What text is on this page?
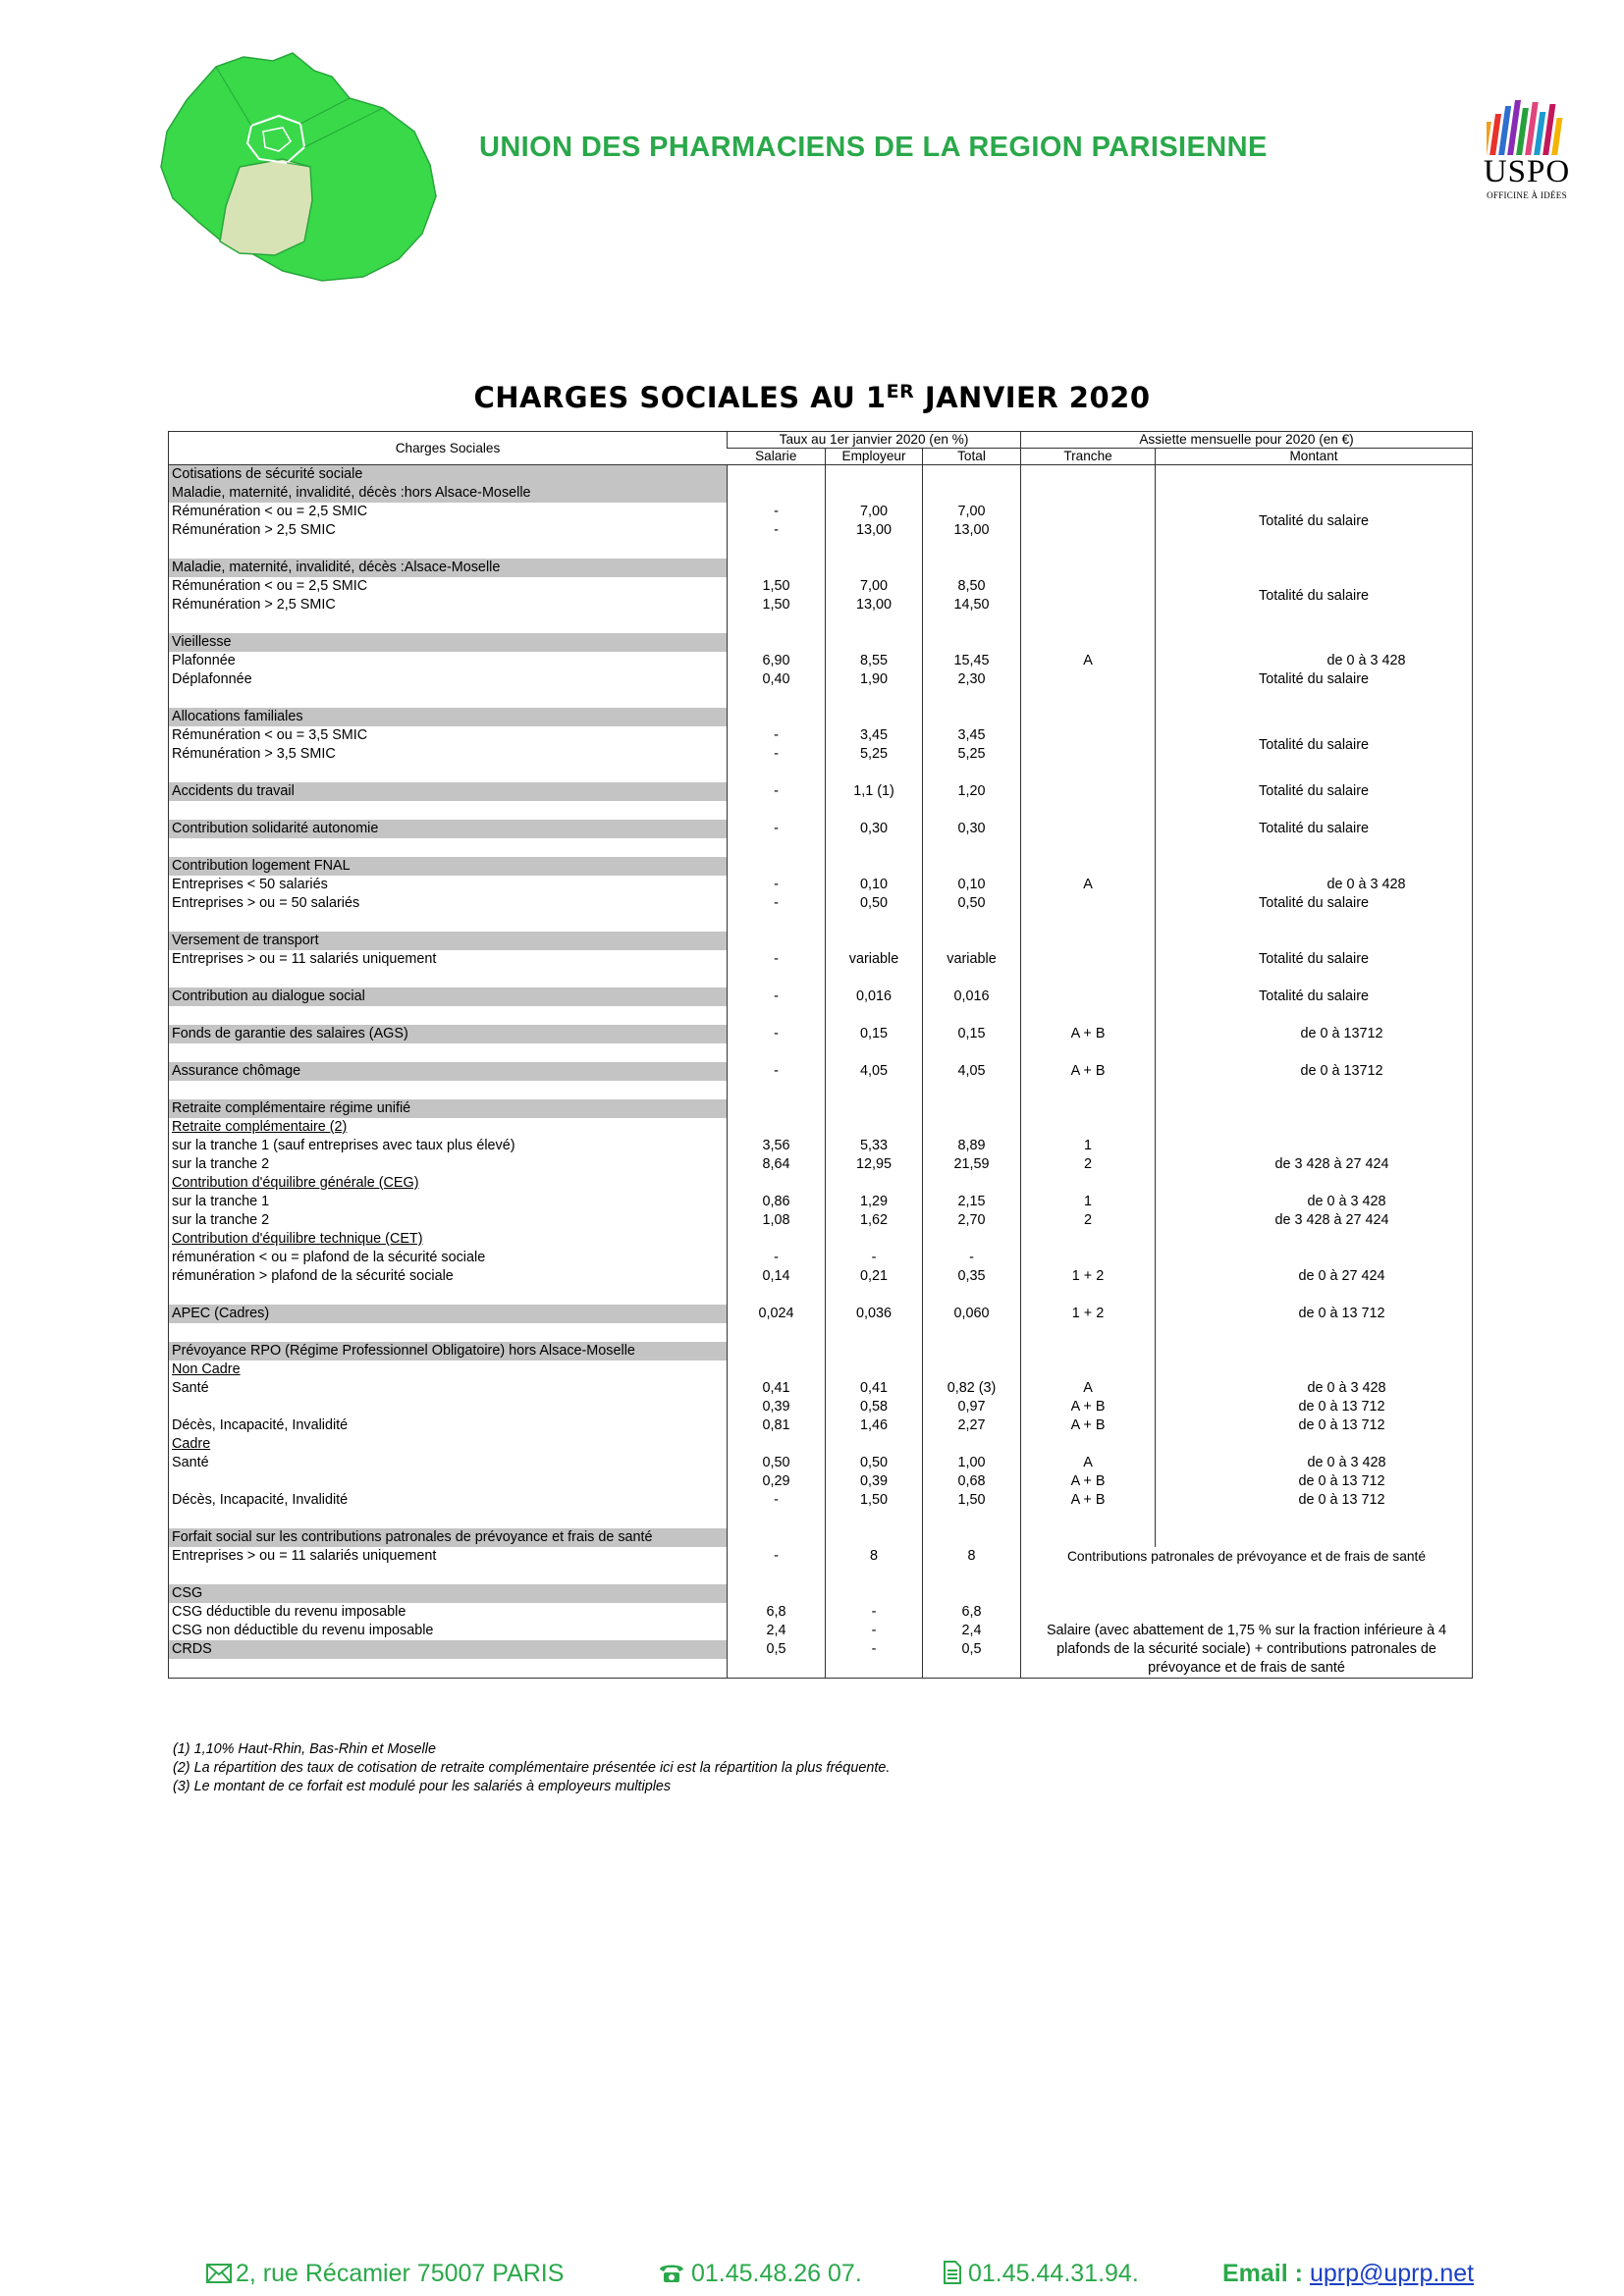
UNION DES PHARMACIENS DE LA REGION PARISIENNE
USPO
OFFICINE À IDÉES
CHARGES SOCIALES AU 1ER JANVIER 2020
Charges Sociales	Taux au 1er janvier 2020 (en %)			Assiette mensuelle pour 2020 (en €)	
	Salarie	Employeur	Total	Tranche	Montant
Cotisations de sécurité sociale					
Maladie, maternité, invalidité, décès :hors Alsace-Moselle					
Rémunération < ou = 2,5 SMIC	-	7,00	7,00		Totalité du salaire
Rémunération > 2,5 SMIC	-	13,00	13,00		

Maladie, maternité, invalidité, décès :Alsace-Moselle					
Rémunération < ou = 2,5 SMIC	1,50	7,00	8,50		Totalité du salaire
Rémunération > 2,5 SMIC	1,50	13,00	14,50		

Vieillesse					
Plafonnée	6,90	8,55	15,45	A	de 0 à 3 428
Déplafonnée	0,40	1,90	2,30		Totalité du salaire

Allocations familiales					
Rémunération < ou = 3,5 SMIC	-	3,45	3,45		Totalité du salaire
Rémunération > 3,5 SMIC	-	5,25	5,25		

Accidents du travail	-	1,1 (1)	1,20		Totalité du salaire

Contribution solidarité autonomie	-	0,30	0,30		Totalité du salaire

Contribution logement FNAL					
Entreprises < 50 salariés	-	0,10	0,10	A	de 0 à 3 428
Entreprises > ou = 50 salariés	-	0,50	0,50		Totalité du salaire

Versement de transport					
Entreprises > ou = 11 salariés uniquement	-	variable	variable		Totalité du salaire

Contribution au dialogue social	-	0,016	0,016		Totalité du salaire

Fonds de garantie des salaires (AGS)	-	0,15	0,15	A + B	de 0 à 13712

Assurance chômage	-	4,05	4,05	A + B	de 0 à 13712

Retraite complémentaire régime unifié					
Retraite complémentaire (2)					
sur la tranche 1 (sauf entreprises avec taux plus élevé)	3,56	5,33	8,89	1	
sur la tranche 2	8,64	12,95	21,59	2	de 3 428 à 27 424
Contribution d'équilibre générale (CEG)					
sur la tranche 1	0,86	1,29	2,15	1	de 0 à 3 428
sur la tranche 2	1,08	1,62	2,70	2	de 3 428 à 27 424
Contribution d'équilibre technique (CET)					
rémunération < ou = plafond de la sécurité sociale	-	-	-		
rémunération > plafond de la sécurité sociale	0,14	0,21	0,35	1 + 2	de 0 à 27 424

APEC (Cadres)	0,024	0,036	0,060	1 + 2	de 0 à 13 712

Prévoyance RPO (Régime Professionnel Obligatoire) hors Alsace-Moselle					
Non Cadre					
Santé	0,41	0,41	0,82 (3)	A	de 0 à 3 428
	0,39	0,58	0,97	A + B	de 0 à 13 712
Décès, Incapacité, Invalidité	0,81	1,46	2,27	A + B	de 0 à 13 712
Cadre					
Santé	0,50	0,50	1,00	A	de 0 à 3 428
	0,29	0,39	0,68	A + B	de 0 à 13 712
Décès, Incapacité, Invalidité	-	1,50	1,50	A + B	de 0 à 13 712

Forfait social sur les contributions patronales de prévoyance et frais de santé					
Entreprises > ou = 11 salariés uniquement	-	8	8	Contributions patronales de prévoyance et de frais de santé	

CSG					
CSG déductible du revenu imposable	6,8	-	6,8		
CSG non déductible du revenu imposable	2,4	-	2,4	Salaire (avec abattement de 1,75 % sur la fraction inférieure à 4 plafonds de la sécurité sociale) + contributions patronales de prévoyance et de frais de santé	
CRDS	0,5	-	0,5		

(1) 1,10% Haut-Rhin, Bas-Rhin et Moselle
(2) La répartition des taux de cotisation de retraite complémentaire présentée ici est la répartition la plus fréquente.
(3) Le montant de ce forfait est modulé pour les salariés à employeurs multiples
2, rue Récamier 75007 PARIS	01.45.48.26 07.	01.45.44.31.94.	Email : uprp@uprp.net
